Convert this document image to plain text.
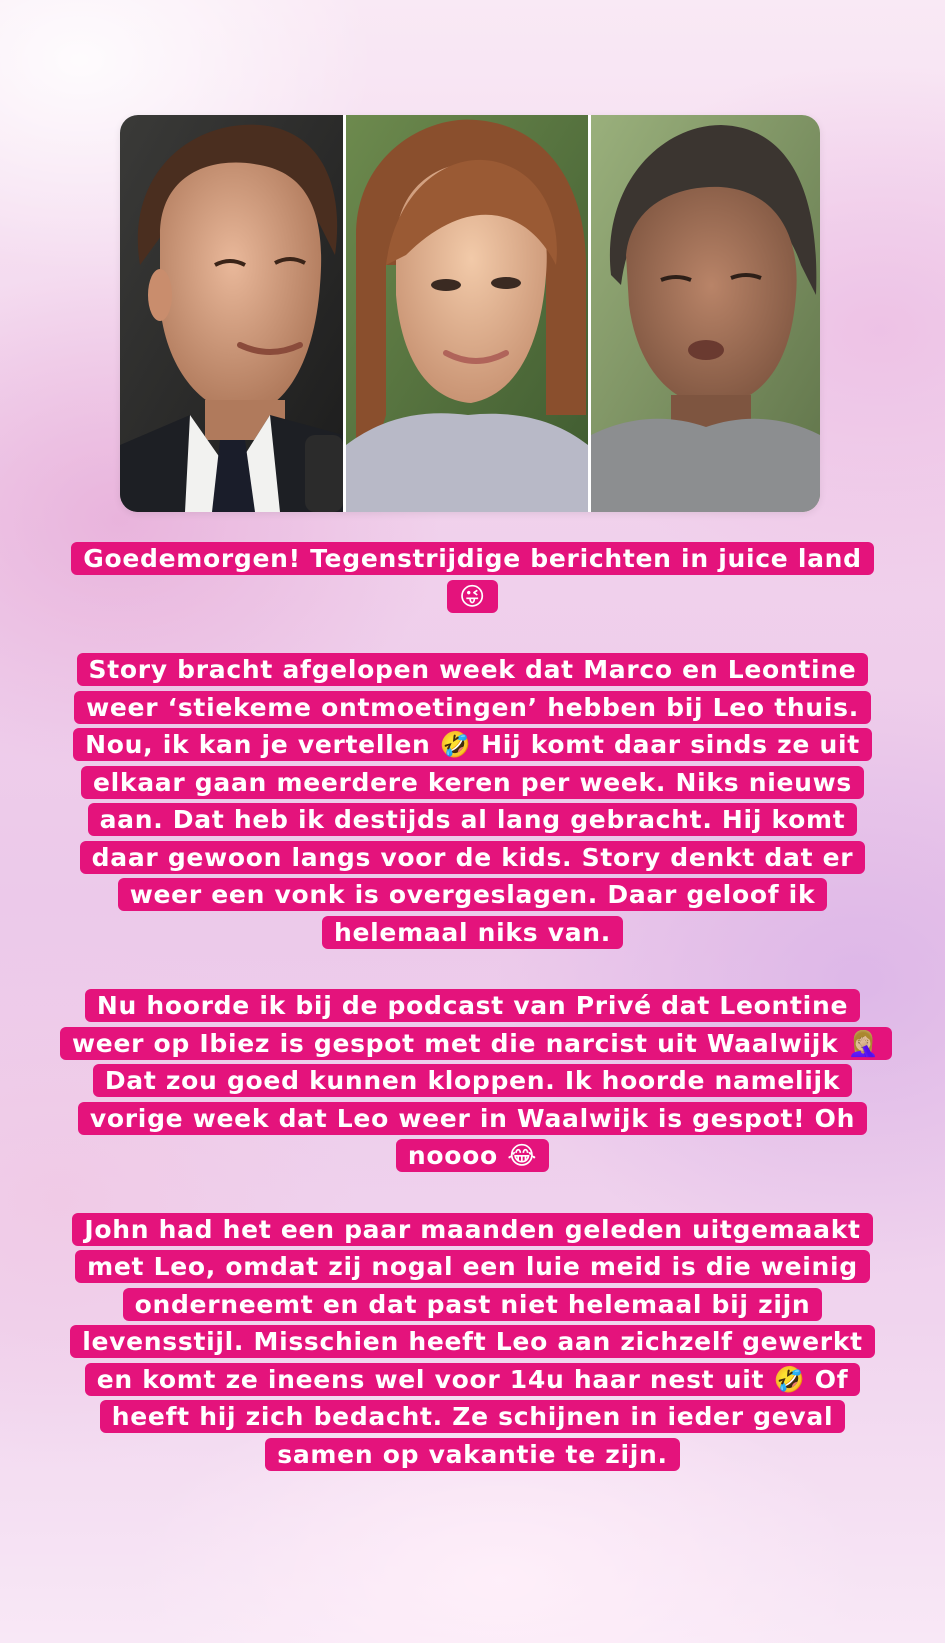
Goedemorgen! Tegenstrijdige berichten in juice land 😜

Story bracht afgelopen week dat Marco en Leontine weer ‘stiekeme ontmoetingen’ hebben bij Leo thuis. Nou, ik kan je vertellen 🤣 Hij komt daar sinds ze uit elkaar gaan meerdere keren per week. Niks nieuws aan. Dat heb ik destijds al lang gebracht. Hij komt daar gewoon langs voor de kids. Story denkt dat er weer een vonk is overgeslagen. Daar geloof ik helemaal niks van.

Nu hoorde ik bij de podcast van Privé dat Leontine weer op Ibiez is gespot met die narcist uit Waalwijk 🤦🏼‍♀️ Dat zou goed kunnen kloppen. Ik hoorde namelijk vorige week dat Leo weer in Waalwijk is gespot! Oh noooo 😂

John had het een paar maanden geleden uitgemaakt met Leo, omdat zij nogal een luie meid is die weinig onderneemt en dat past niet helemaal bij zijn levensstijl. Misschien heeft Leo aan zichzelf gewerkt en komt ze ineens wel voor 14u haar nest uit 🤣 Of heeft hij zich bedacht. Ze schijnen in ieder geval samen op vakantie te zijn.
